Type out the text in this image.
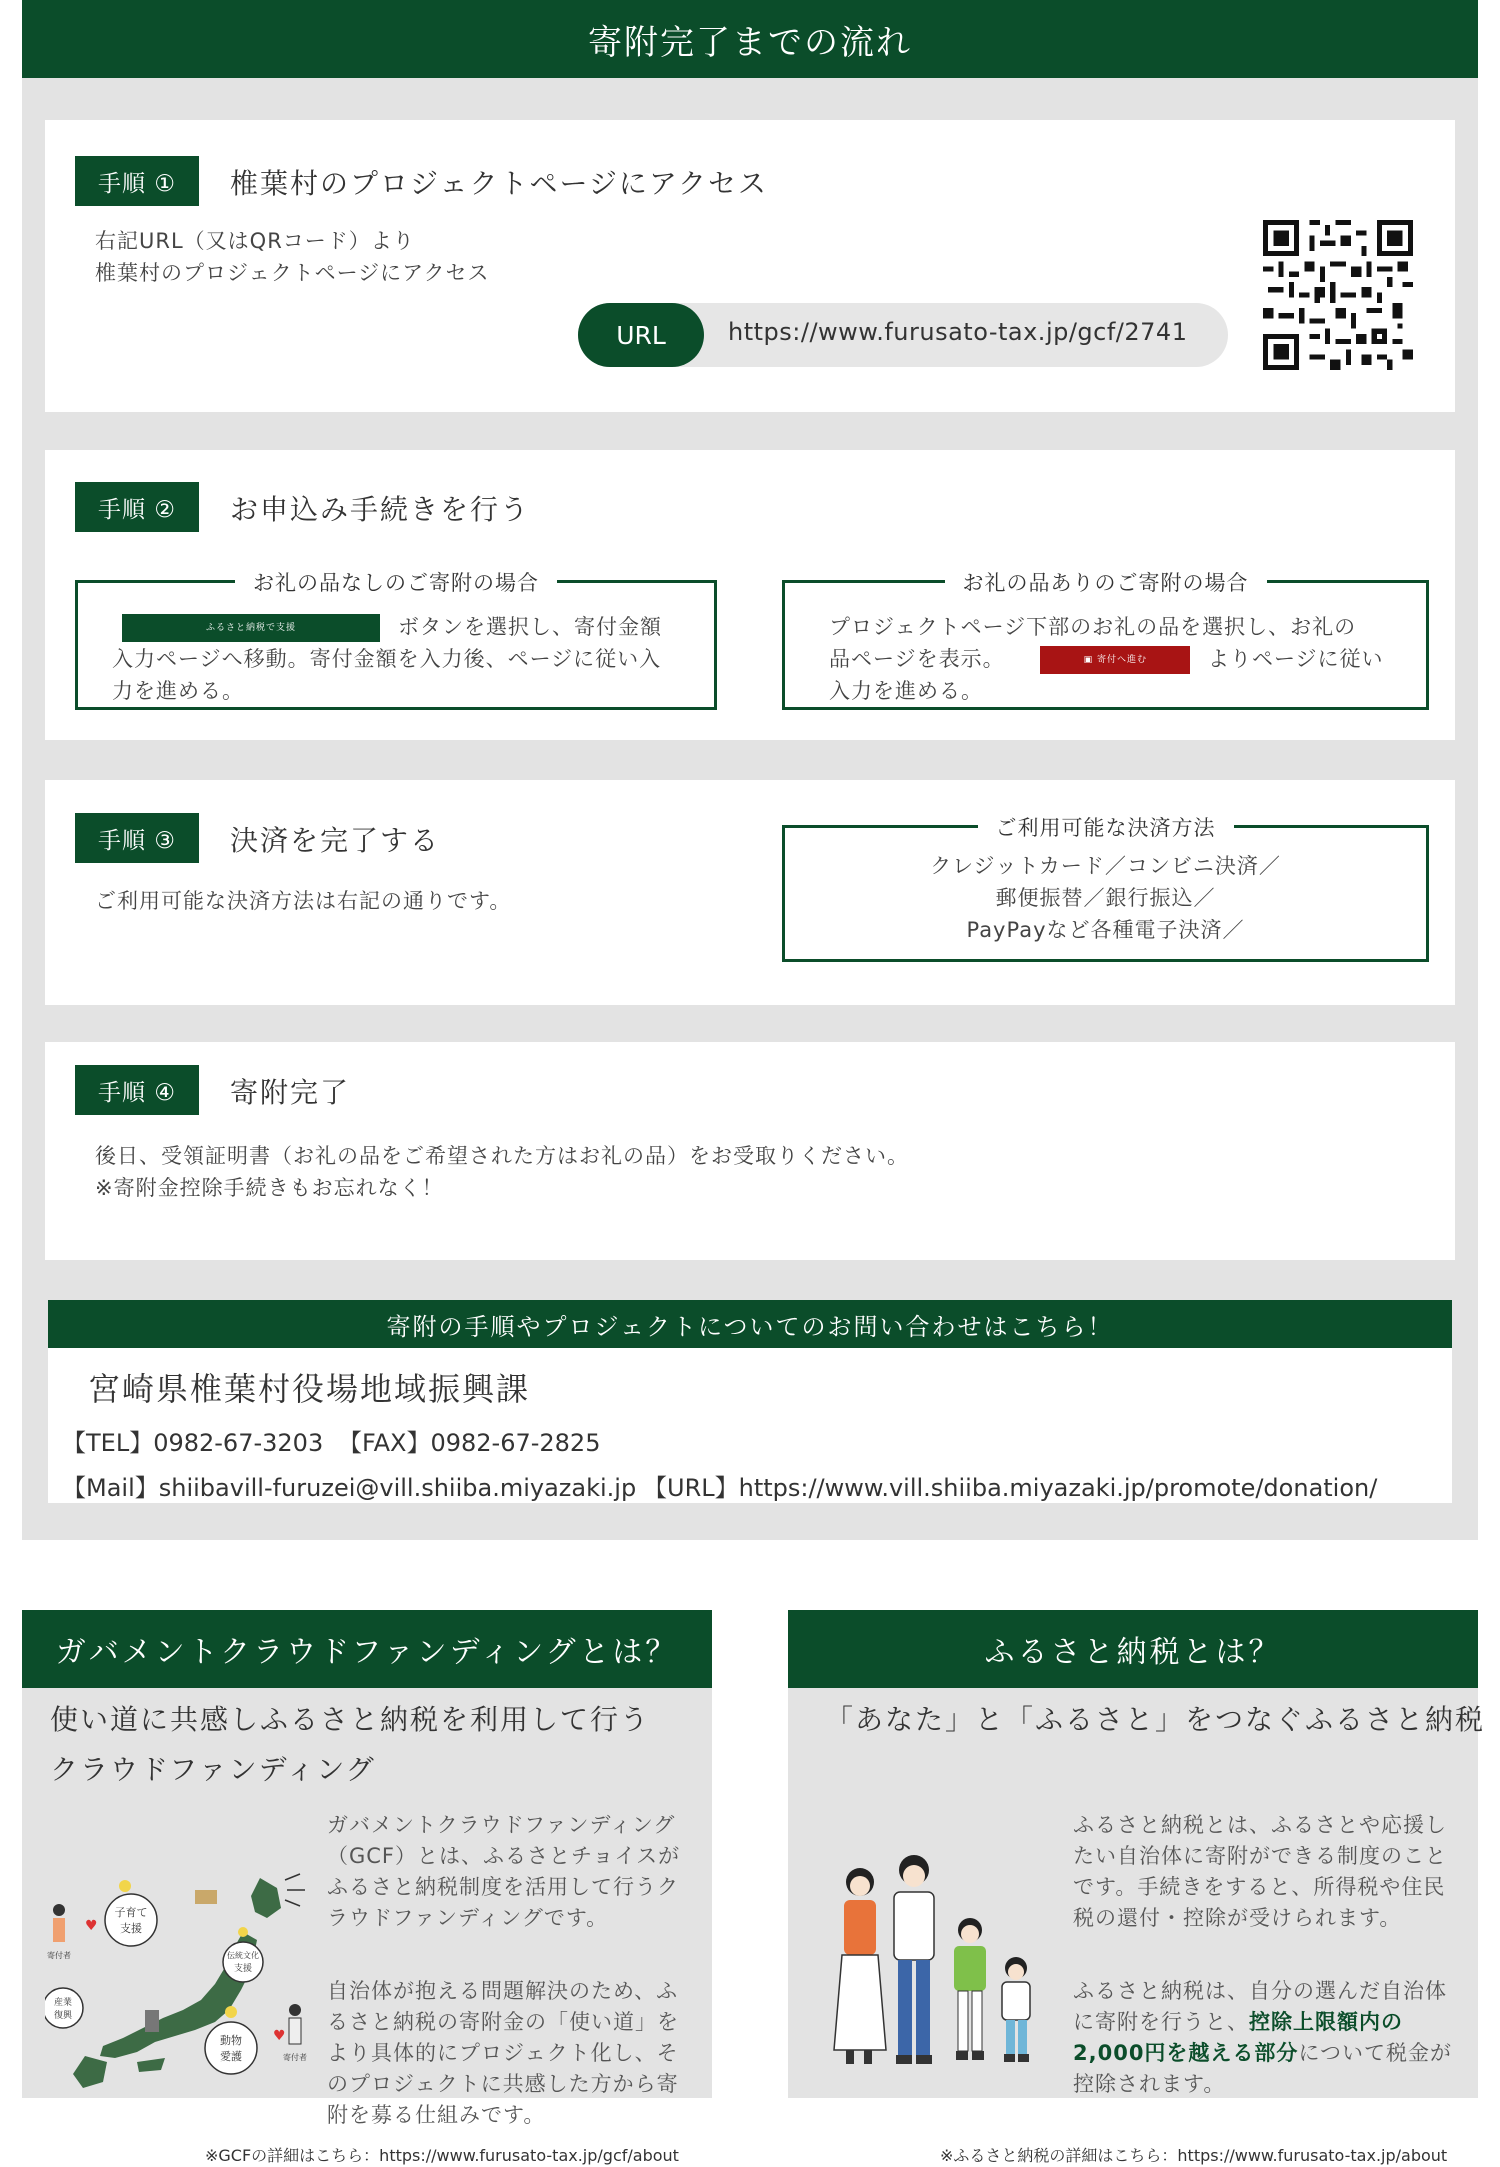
寄附完了までの流れ
手順 ①	椎葉村のプロジェクトページにアクセス
右記URL（又はQRコード）より
椎葉村のプロジェクトページにアクセス
URL	https://www.furusato-tax.jp/gcf/2741
手順 ②	お申込み手続きを行う
お礼の品なしのご寄附の場合
ふるさと納税で支援	ボタンを選択し、寄付金額
入力ページへ移動。寄付金額を入力後、ページに従い入
力を進める。
お礼の品ありのご寄附の場合
プロジェクトページ下部のお礼の品を選択し、お礼の
品ページを表示。	▣ 寄付へ進む	よりページに従い
入力を進める。
手順 ③	決済を完了する
ご利用可能な決済方法は右記の通りです。
ご利用可能な決済方法
クレジットカード／コンビニ決済／
郵便振替／銀行振込／
PayPayなど各種電子決済／
手順 ④	寄附完了
後日、受領証明書（お礼の品をご希望された方はお礼の品）をお受取りください。
※寄附金控除手続きもお忘れなく！
寄附の手順やプロジェクトについてのお問い合わせはこちら！
宮崎県椎葉村役場地域振興課
【TEL】0982-67-3203 【FAX】0982-67-2825
【Mail】shiibavill-furuzei@vill.shiiba.miyazaki.jp 【URL】https://www.vill.shiiba.miyazaki.jp/promote/donation/
ガバメントクラウドファンディングとは？
使い道に共感しふるさと納税を利用して行う
クラウドファンディング
ガバメントクラウドファンディング
（GCF）とは、ふるさとチョイスが
ふるさと納税制度を活用して行うク
ラウドファンディングです。
自治体が抱える問題解決のため、ふ
るさと納税の寄附金の「使い道」を
より具体的にプロジェクト化し、そ
のプロジェクトに共感した方から寄
附を募る仕組みです。
子育て
支援
伝統文化
支援
産業
復興
動物
愛護
寄付者
♥
寄付者
♥
※GCFの詳細はこちら：https://www.furusato-tax.jp/gcf/about
ふるさと納税とは？
「あなた」と「ふるさと」をつなぐふるさと納税
ふるさと納税とは、ふるさとや応援し
たい自治体に寄附ができる制度のこと
です。手続きをすると、所得税や住民
税の還付・控除が受けられます。
ふるさと納税は、自分の選んだ自治体
に寄附を行うと、控除上限額内の
2,000円を越える部分について税金が
控除されます。
※ふるさと納税の詳細はこちら：https://www.furusato-tax.jp/about
